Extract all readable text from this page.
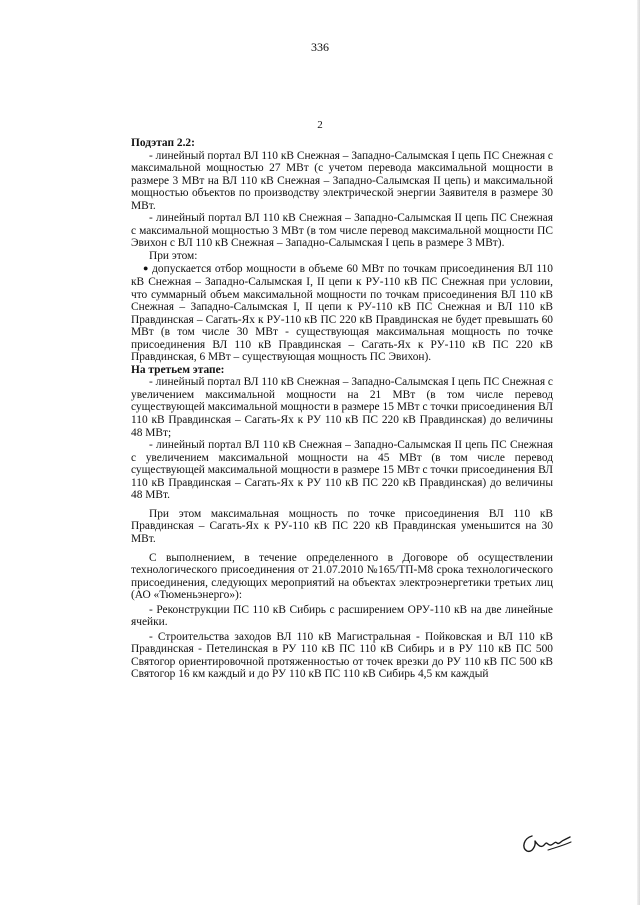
336
2

Подэтап 2.2:

- линейный портал ВЛ 110 кВ Снежная – Западно-Салымская I цепь ПС Снежная с максимальной мощностью 27 МВт (с учетом перевода максимальной мощности в размере 3 МВт на ВЛ 110 кВ Снежная – Западно-Салымская II цепь) и максимальной мощностью объектов по производству электрической энергии Заявителя в размере 30 МВт.

- линейный портал ВЛ 110 кВ Снежная – Западно-Салымская II цепь ПС Снежная с максимальной мощностью 3 МВт (в том числе перевод максимальной мощности ПС Эвихон с ВЛ 110 кВ Снежная – Западно-Салымская I цепь в размере 3 МВт).

При этом:

● допускается отбор мощности в объеме 60 МВт по точкам присоединения ВЛ 110 кВ Снежная – Западно-Салымская I, II цепи к РУ-110 кВ ПС Снежная при условии, что суммарный объем максимальной мощности по точкам присоединения ВЛ 110 кВ Снежная – Западно-Салымская I, II цепи к РУ-110 кВ ПС Снежная и ВЛ 110 кВ Правдинская – Сагать-Ях к РУ-110 кВ ПС 220 кВ Правдинская не будет превышать 60 МВт (в том числе 30 МВт - существующая максимальная мощность по точке присоединения ВЛ 110 кВ Правдинская – Сагать-Ях к РУ-110 кВ ПС 220 кВ Правдинская, 6 МВт – существующая мощность ПС Эвихон).

На третьем этапе:

- линейный портал ВЛ 110 кВ Снежная – Западно-Салымская I цепь ПС Снежная с увеличением максимальной мощности на 21 МВт (в том числе перевод существующей максимальной мощности в размере 15 МВт с точки присоединения ВЛ 110 кВ Правдинская – Сагать-Ях к РУ 110 кВ ПС 220 кВ Правдинская) до величины 48 МВт;

- линейный портал ВЛ 110 кВ Снежная – Западно-Салымская II цепь ПС Снежная с увеличением максимальной мощности на 45 МВт (в том числе перевод существующей максимальной мощности в размере 15 МВт с точки присоединения ВЛ 110 кВ Правдинская – Сагать-Ях к РУ 110 кВ ПС 220 кВ Правдинская) до величины 48 МВт.

При этом максимальная мощность по точке присоединения ВЛ 110 кВ Правдинская – Сагать-Ях к РУ-110 кВ ПС 220 кВ Правдинская уменьшится на 30 МВт.

С выполнением, в течение определенного в Договоре об осуществлении технологического присоединения от 21.07.2010 №165/ТП-М8 срока технологического присоединения, следующих мероприятий на объектах электроэнергетики третьих лиц (АО «Тюменьэнерго»):

- Реконструкции ПС 110 кВ Сибирь с расширением ОРУ-110 кВ на две линейные ячейки.

- Строительства заходов ВЛ 110 кВ Магистральная - Пойковская и ВЛ 110 кВ Правдинская - Петелинская в РУ 110 кВ ПС 110 кВ Сибирь и в РУ 110 кВ ПС 500 Святогор ориентировочной протяженностью от точек врезки до РУ 110 кВ ПС 500 кВ Святогор 16 км каждый и до РУ 110 кВ ПС 110 кВ Сибирь 4,5 км каждый
